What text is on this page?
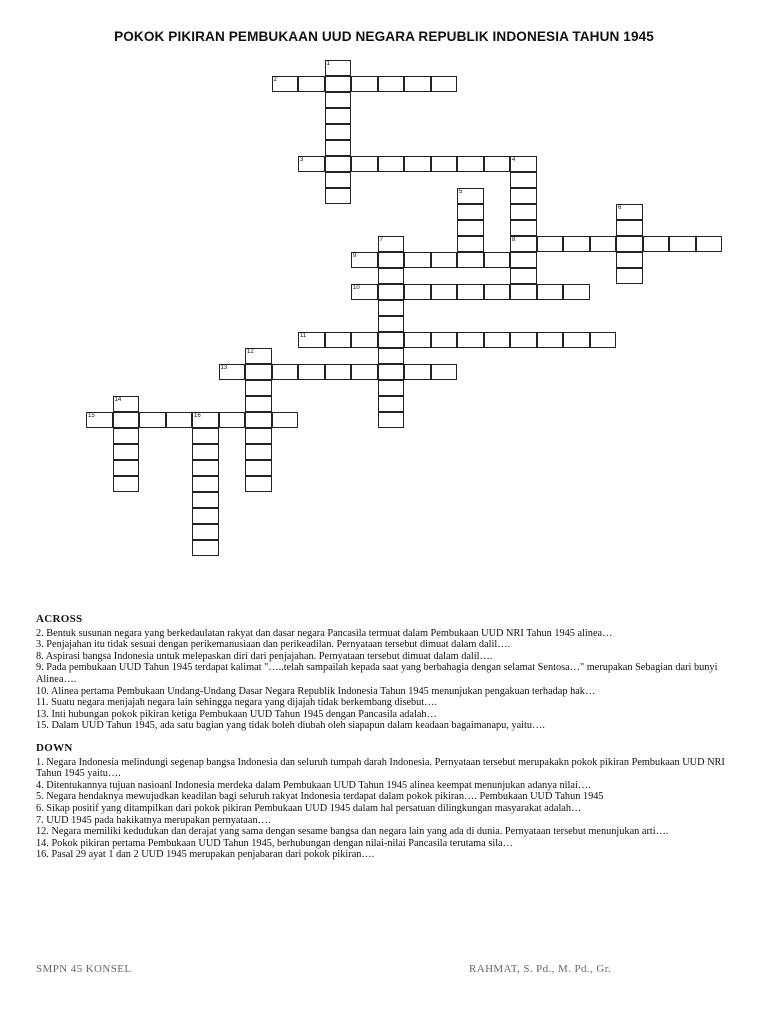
POKOK PIKIRAN PEMBUKAAN UUD NEGARA REPUBLIK INDONESIA TAHUN 1945
1
2
3	4
8
5
6
7
9
10
11
12
13
14
15	16
ACROSS

2. Bentuk susunan negara yang berkedaulatan rakyat dan dasar negara Pancasila termuat dalam Pembukaan UUD NRI Tahun 1945 alinea…

3. Penjajahan itu tidak sesuai dengan perikemanusiaan dan perikeadilan. Pernyataan tersebut dimuat dalam dalil….

8. Aspirasi bangsa Indonesia untuk melepaskan diri dari penjajahan. Pernyataan tersebut dimuat dalam dalil….

9. Pada pembukaan UUD Tahun 1945 terdapat kalimat "…..telah sampailah kepada saat yang berbahagia dengan selamat Sentosa…" merupakan Sebagian dari bunyi Alinea….

10. Alinea pertama Pembukaan Undang-Undang Dasar Negara Republik Indonesia Tahun 1945 menunjukan pengakuan terhadap hak…

11. Suatu negara menjajah negara lain sehingga negara yang dijajah tidak berkembang disebut….

13. Inti hubungan pokok pikiran ketiga Pembukaan UUD Tahun 1945 dengan Pancasila adalah…

15. Dalam UUD Tahun 1945, ada satu bagian yang tidak boleh diubah oleh siapapun dalam keadaan bagaimanapu, yaitu….

DOWN

1. Negara Indonesia melindungi segenap bangsa Indonesia dan seluruh tumpah darah Indonesia. Pernyataan tersebut merupakakn pokok pikiran Pembukaan UUD NRI Tahun 1945 yaitu….

4. Ditentukannya tujuan nasioanl Indonesia merdeka dalam Pembukaan UUD Tahun 1945 alinea keempat menunjukan adanya nilai….

5. Negara hendaknya mewujudkan keadilan bagi seluruh rakyat Indonesia terdapat dalam pokok pikiran…. Pembukaan UUD Tahun 1945

6. Sikap positif yang ditampilkan dari pokok pikiran Pembukaan UUD 1945 dalam hal persatuan dilingkungan masyarakat adalah…

7. UUD 1945 pada hakikatnya merupakan pernyataan….

12. Negara memiliki kedudukan dan derajat yang sama dengan sesame bangsa dan negara lain yang ada di dunia. Pernyataan tersebut menunjukan arti….

14. Pokok pikiran pertama Pembukaan UUD Tahun 1945, berhubungan dengan nilai-nilai Pancasila terutama sila…

16. Pasal 29 ayat 1 dan 2 UUD 1945 merupakan penjabaran dari pokok pikiran….

SMPN 45 KONSEL	RAHMAT, S. Pd., M. Pd., Gr.
